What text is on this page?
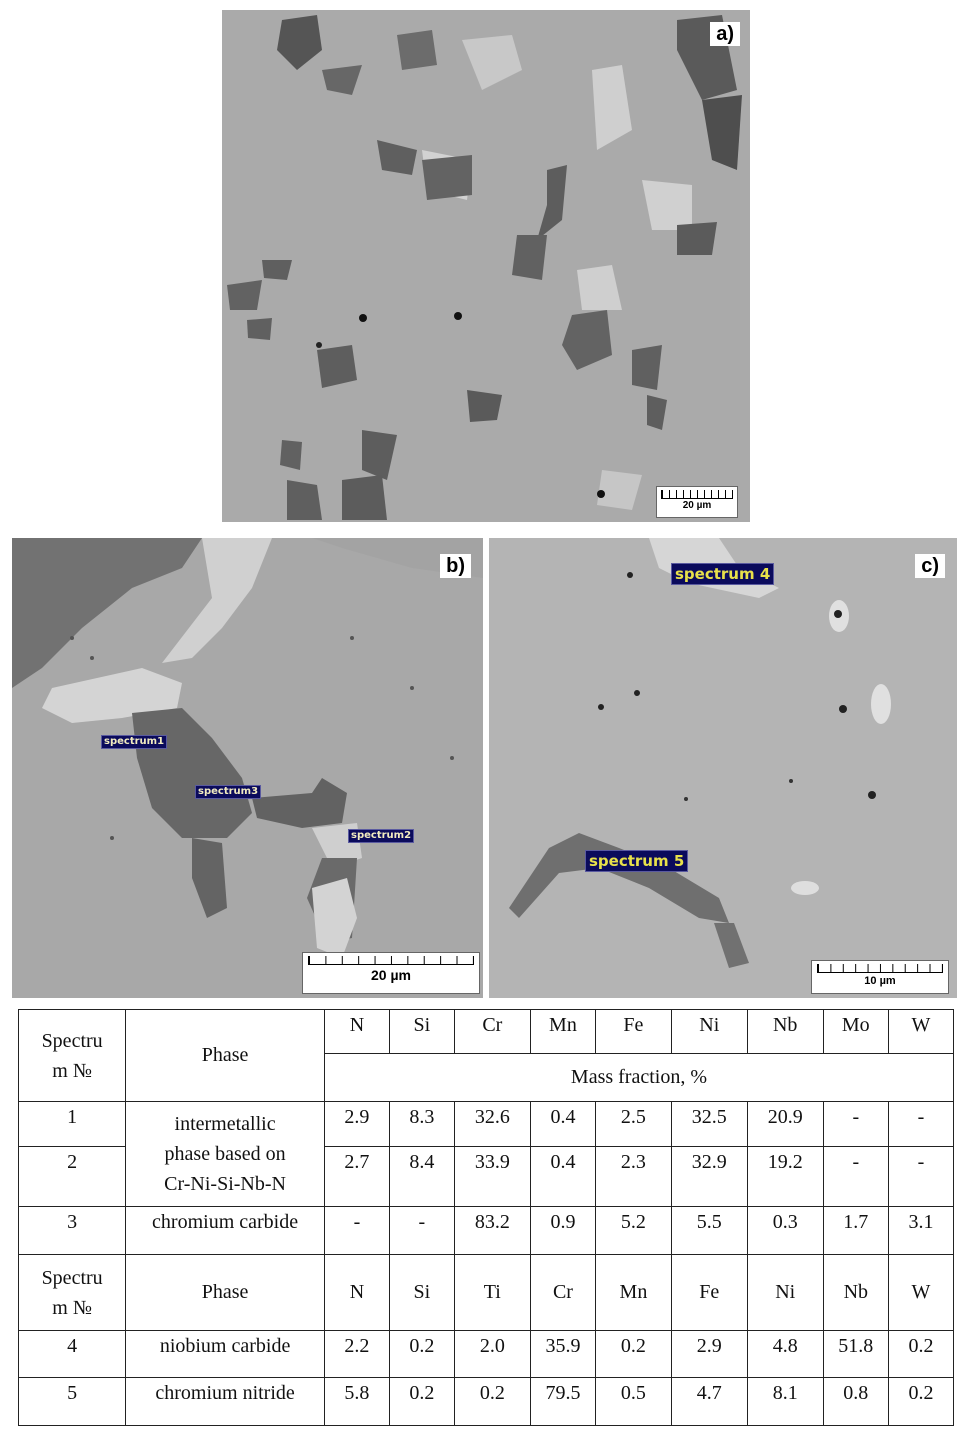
a)
20 µm
b)
spectrum1
spectrum3
spectrum2
20 µm
c)
spectrum 4
spectrum 5
10 µm
Spectrum №	Phase	N	Si	Cr	Mn	Fe	Ni	Nb	Mo	W
		Mass fraction, %								
1	intermetallic phase based on Cr-Ni-Si-Nb-N	2.9	8.3	32.6	0.4	2.5	32.5	20.9	-	-
2		2.7	8.4	33.9	0.4	2.3	32.9	19.2	-	-
3	chromium carbide	-	-	83.2	0.9	5.2	5.5	0.3	1.7	3.1
Spectrum №	Phase	N	Si	Ti	Cr	Mn	Fe	Ni	Nb	W
4	niobium carbide	2.2	0.2	2.0	35.9	0.2	2.9	4.8	51.8	0.2
5	chromium nitride	5.8	0.2	0.2	79.5	0.5	4.7	8.1	0.8	0.2
